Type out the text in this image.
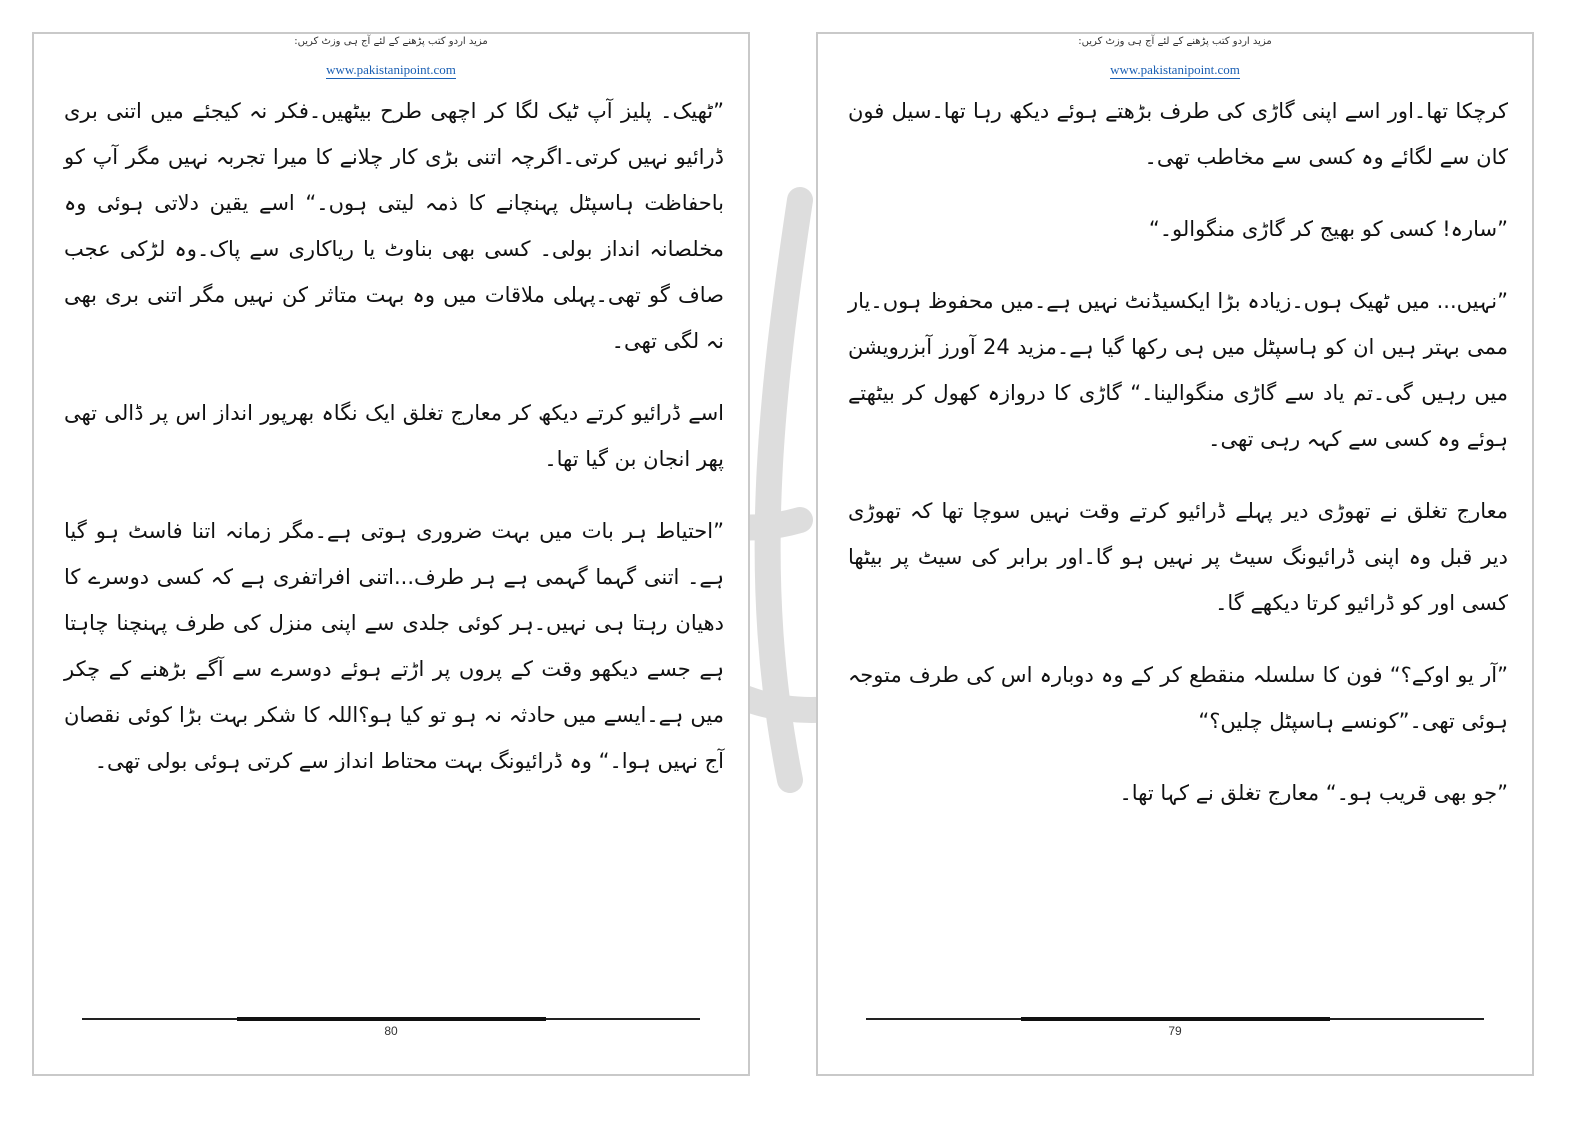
مزید اردو کتب پڑھنے کے لئے آج ہی وزٹ کریں:
www.pakistanipoint.com

”ٹھیک۔ پلیز آپ ٹیک لگا کر اچھی طرح بیٹھیں۔فکر نہ کیجئے میں اتنی بری ڈرائیو نہیں کرتی۔اگرچہ اتنی بڑی کار چلانے کا میرا تجربہ نہیں مگر آپ کو باحفاظت ہاسپٹل پہنچانے کا ذمہ لیتی ہوں۔“ اسے یقین دلاتی ہوئی وہ مخلصانہ انداز بولی۔ کسی بھی بناوٹ یا ریاکاری سے پاک۔وہ لڑکی عجب صاف گو تھی۔پہلی ملاقات میں وہ بہت متاثر کن نہیں مگر اتنی بری بھی نہ لگی تھی۔

اسے ڈرائیو کرتے دیکھ کر معارج تغلق ایک نگاہ بھرپور انداز اس پر ڈالی تھی پھر انجان بن گیا تھا۔

”احتیاط ہر بات میں بہت ضروری ہوتی ہے۔مگر زمانہ اتنا فاسٹ ہو گیا ہے۔ اتنی گہما گہمی ہے ہر طرف...اتنی افراتفری ہے کہ کسی دوسرے کا دھیان رہتا ہی نہیں۔ہر کوئی جلدی سے اپنی منزل کی طرف پہنچنا چاہتا ہے جسے دیکھو وقت کے پروں پر اڑتے ہوئے دوسرے سے آگے بڑھنے کے چکر میں ہے۔ایسے میں حادثہ نہ ہو تو کیا ہو؟اللہ کا شکر بہت بڑا کوئی نقصان آج نہیں ہوا۔“ وہ ڈرائیونگ بہت محتاط انداز سے کرتی ہوئی بولی تھی۔

80
مزید اردو کتب پڑھنے کے لئے آج ہی وزٹ کریں:
www.pakistanipoint.com

کرچکا تھا۔اور اسے اپنی گاڑی کی طرف بڑھتے ہوئے دیکھ رہا تھا۔سیل فون کان سے لگائے وہ کسی سے مخاطب تھی۔

”سارہ! کسی کو بھیج کر گاڑی منگوالو۔“

”نہیں... میں ٹھیک ہوں۔زیادہ بڑا ایکسیڈنٹ نہیں ہے۔میں محفوظ ہوں۔یار ممی بہتر ہیں ان کو ہاسپٹل میں ہی رکھا گیا ہے۔مزید 24 آورز آبزرویشن میں رہیں گی۔تم یاد سے گاڑی منگوالینا۔“ گاڑی کا دروازہ کھول کر بیٹھتے ہوئے وہ کسی سے کہہ رہی تھی۔

معارج تغلق نے تھوڑی دیر پہلے ڈرائیو کرتے وقت نہیں سوچا تھا کہ تھوڑی دیر قبل وہ اپنی ڈرائیونگ سیٹ پر نہیں ہو گا۔اور برابر کی سیٹ پر بیٹھا کسی اور کو ڈرائیو کرتا دیکھے گا۔

”آر یو اوکے؟“ فون کا سلسلہ منقطع کر کے وہ دوبارہ اس کی طرف متوجہ ہوئی تھی۔”کونسے ہاسپٹل چلیں؟“

”جو بھی قریب ہو۔“ معارج تغلق نے کہا تھا۔

79
